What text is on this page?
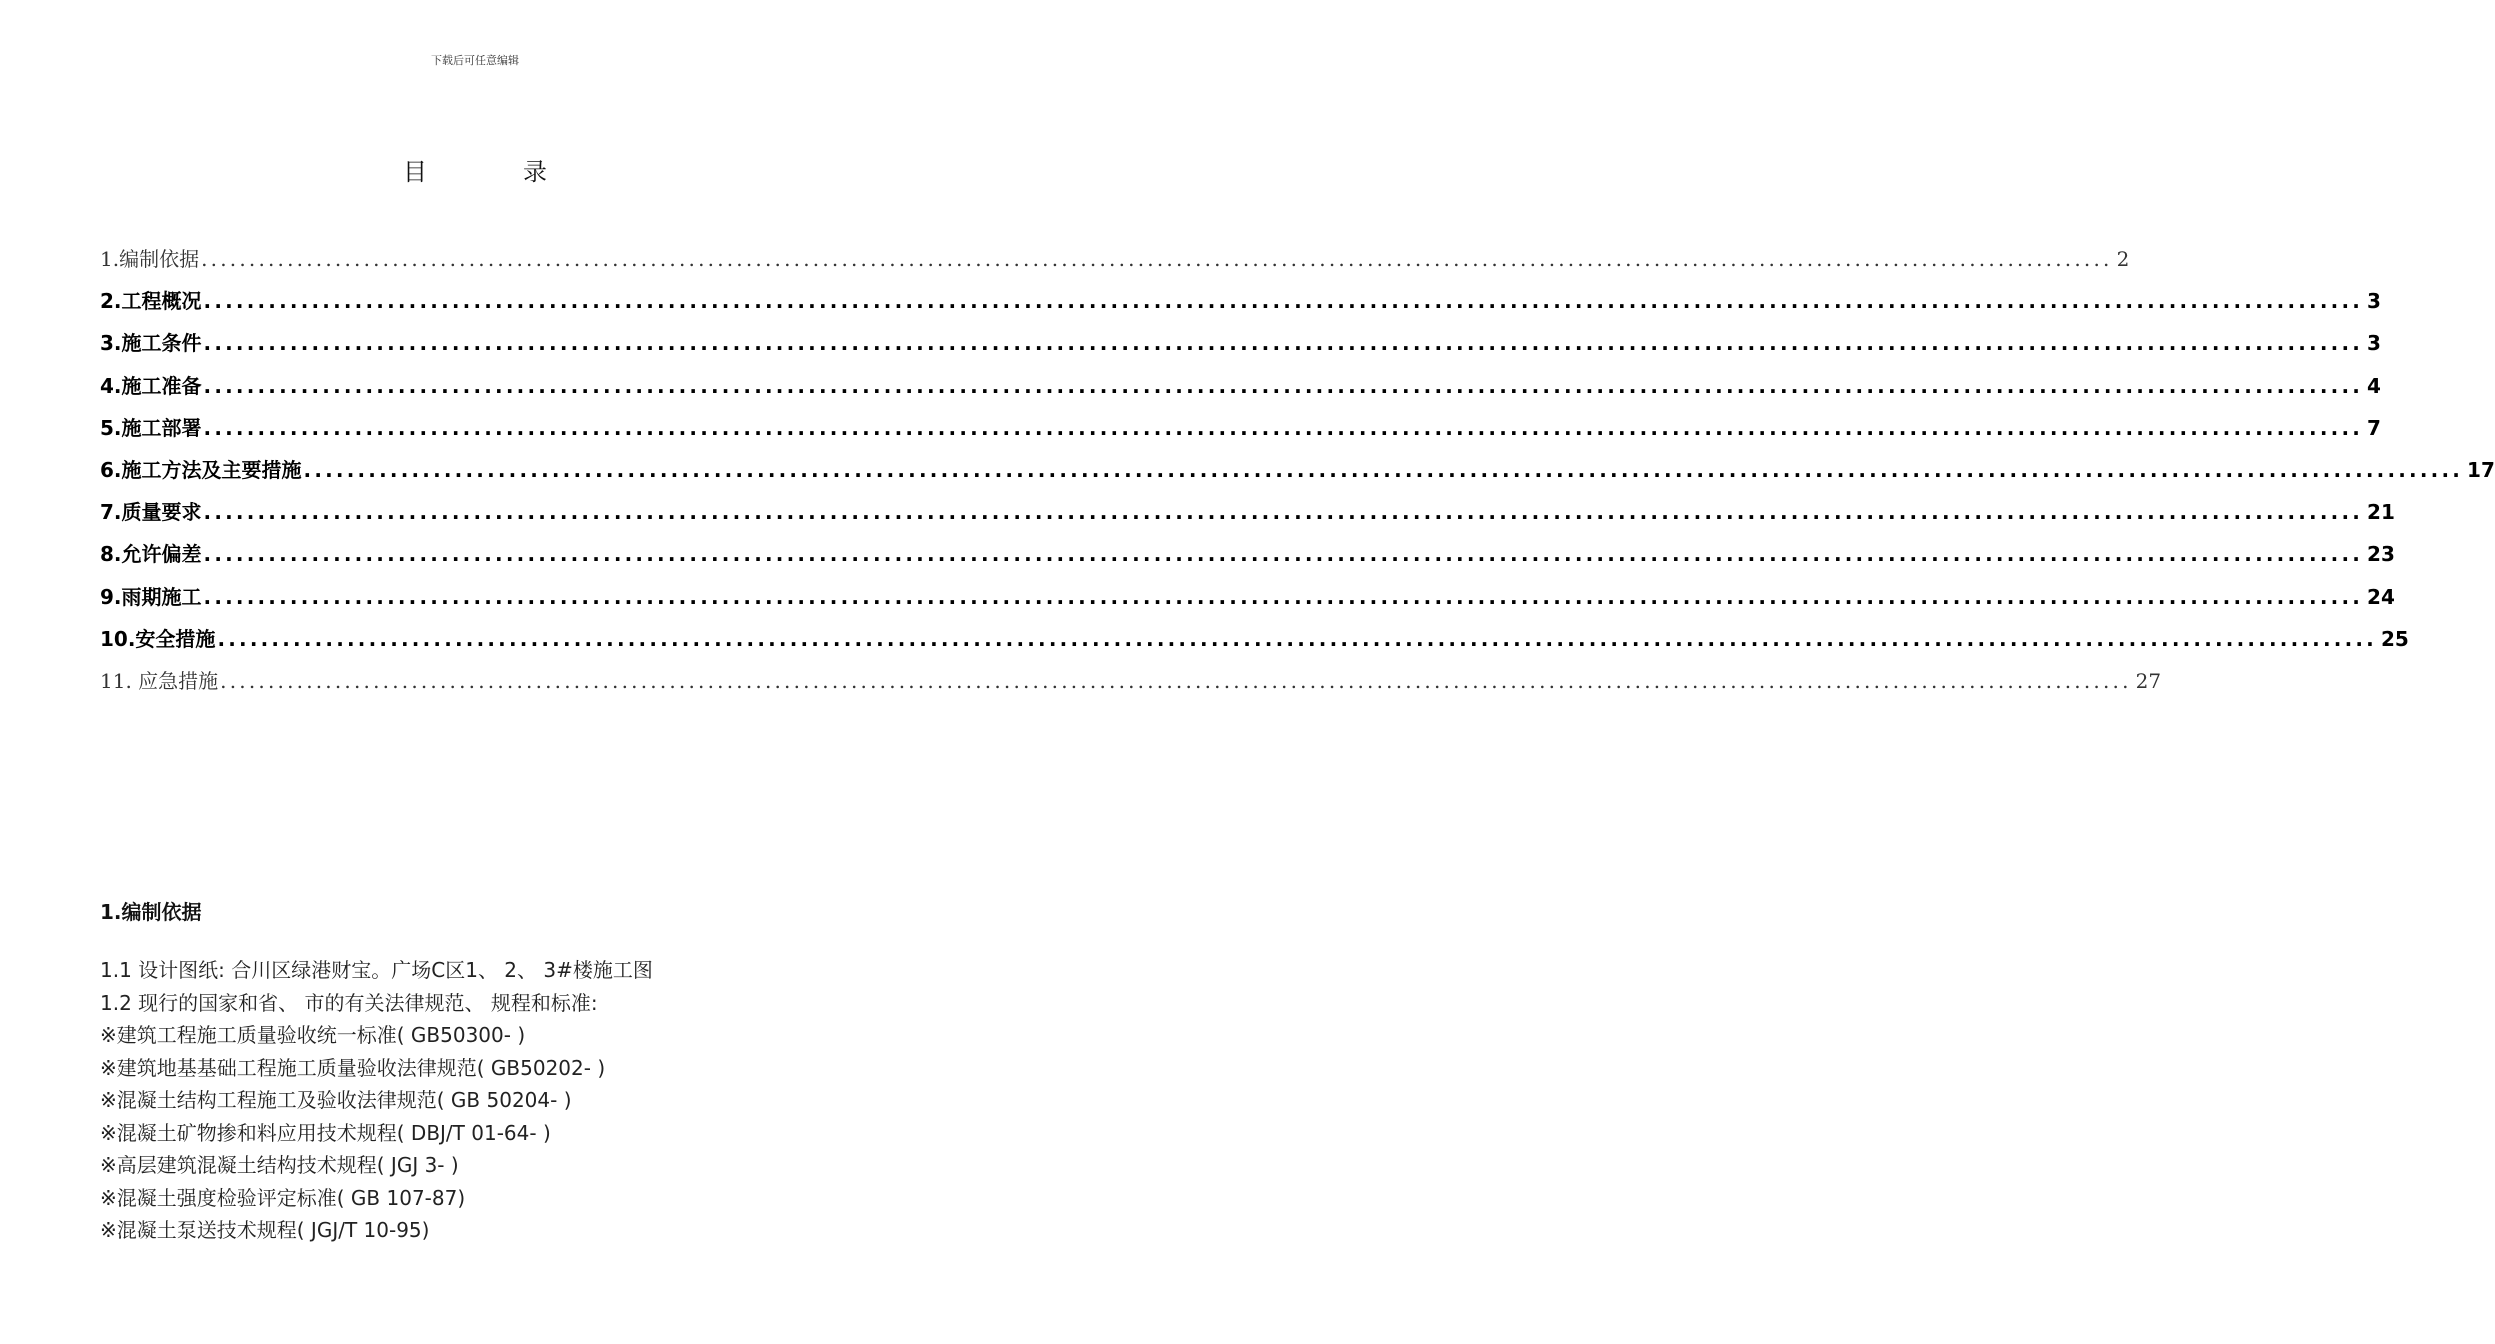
下载后可任意编辑
目	录
1.编制依据 ........................................................................................................................................................................................................ 2
2.工程概况 ........................................................................................................................................................................................................ 3
3.施工条件 ........................................................................................................................................................................................................ 3
4.施工准备 ........................................................................................................................................................................................................ 4
5.施工部署 ........................................................................................................................................................................................................ 7
6.施工方法及主要措施 ........................................................................................................................................................................................................ 17
7.质量要求 ........................................................................................................................................................................................................ 21
8.允许偏差 ........................................................................................................................................................................................................ 23
9.雨期施工 ........................................................................................................................................................................................................ 24
10.安全措施 ........................................................................................................................................................................................................ 25
11. 应急措施 ........................................................................................................................................................................................................ 27
1.编制依据
1.1 设计图纸: 合川区绿港财宝。广场C区1、 2、 3#楼施工图
1.2 现行的国家和省、 市的有关法律规范、 规程和标准:
※建筑工程施工质量验收统一标准( GB50300- )
※建筑地基基础工程施工质量验收法律规范( GB50202- )
※混凝土结构工程施工及验收法律规范( GB 50204- )
※混凝土矿物掺和料应用技术规程( DBJ/T 01-64- )
※高层建筑混凝土结构技术规程( JGJ 3- )
※混凝土强度检验评定标准( GB 107-87)
※混凝土泵送技术规程( JGJ/T 10-95)
